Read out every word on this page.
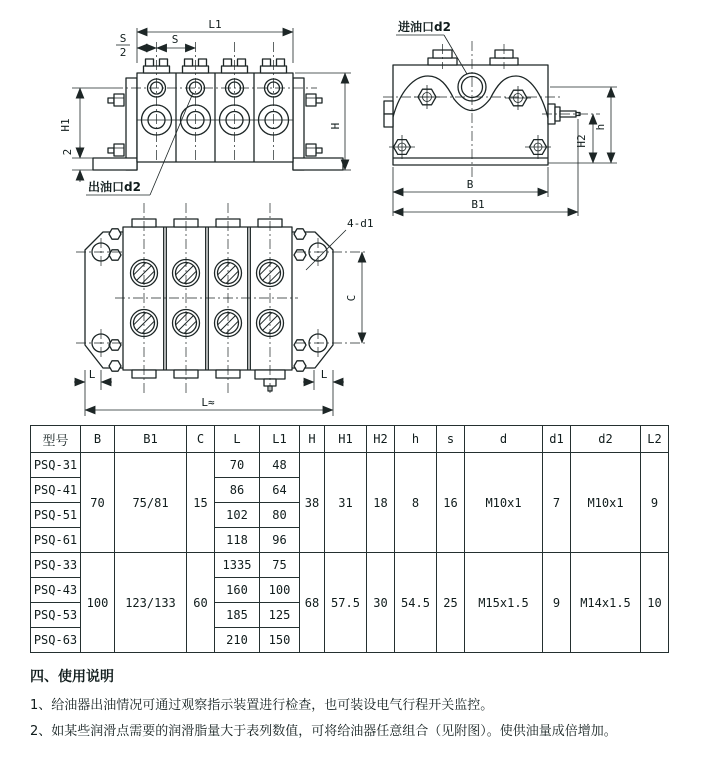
L1
S
2
S
H
H1
2
出油口d2
进油口d2
h
H2
B
B1
4-d1
C
L	L
L≈
型号	B	B1	C	L	L1	H	H1	H2	h	s	d	d1	d2	L2
PSQ-31	70	75/81	15	70	48	38	31	18	8	16	M10x1	7	M10x1	9
PSQ-41				86	64									
PSQ-51				102	80									
PSQ-61				118	96									
PSQ-33	100	123/133	60	1335	75	68	57.5	30	54.5	25	M15x1.5	9	M14x1.5	10
PSQ-43				160	100									
PSQ-53				185	125									
PSQ-63				210	150									
四、使用说明

1、给油器出油情况可通过观察指示装置进行检查，也可装设电气行程开关监控。

2、如某些润滑点需要的润滑脂量大于表列数值，可将给油器任意组合（见附图）。使供油量成倍增加。
